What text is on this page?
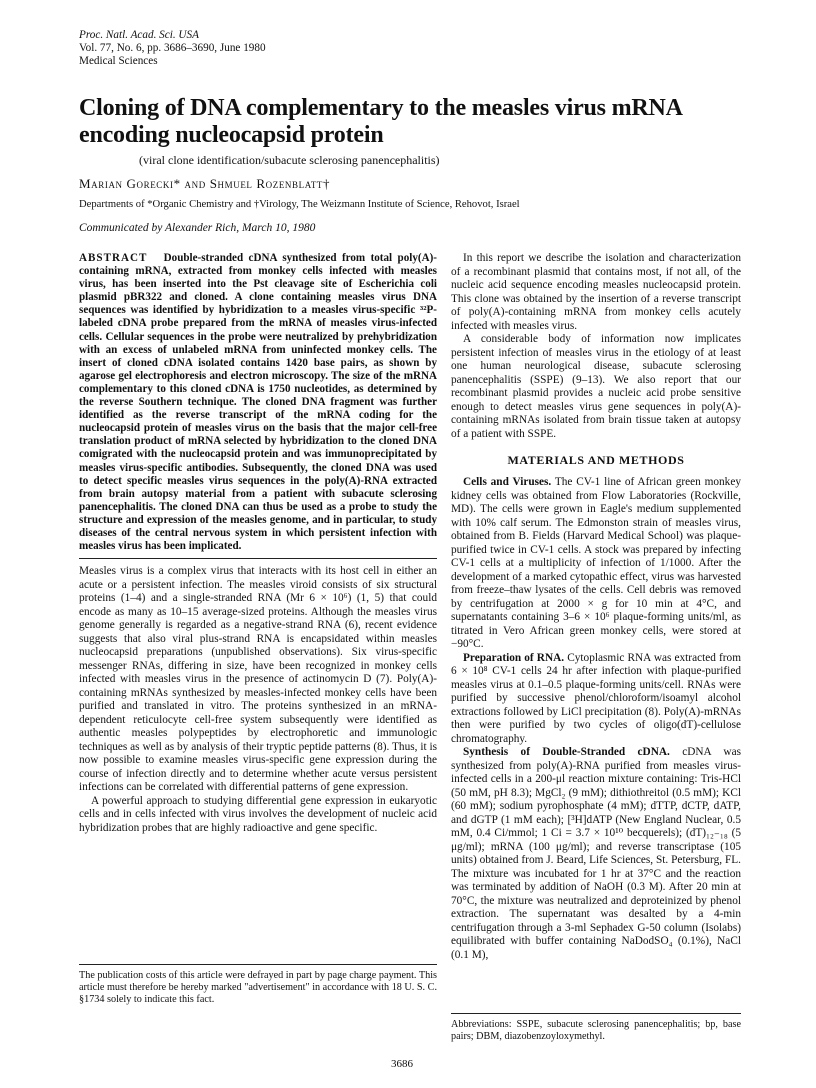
Proc. Natl. Acad. Sci. USA
Vol. 77, No. 6, pp. 3686–3690, June 1980
Medical Sciences
Cloning of DNA complementary to the measles virus mRNA encoding nucleocapsid protein
(viral clone identification/subacute sclerosing panencephalitis)
Marian Gorecki* and Shmuel Rozenblatt†
Departments of *Organic Chemistry and †Virology, The Weizmann Institute of Science, Rehovot, Israel
Communicated by Alexander Rich, March 10, 1980
ABSTRACT Double-stranded cDNA synthesized from total poly(A)-containing mRNA, extracted from monkey cells infected with measles virus, has been inserted into the Pst cleavage site of Escherichia coli plasmid pBR322 and cloned. A clone containing measles virus DNA sequences was identified by hybridization to a measles virus-specific ³²P-labeled cDNA probe prepared from the mRNA of measles virus-infected cells. Cellular sequences in the probe were neutralized by prehybridization with an excess of unlabeled mRNA from uninfected monkey cells. The insert of cloned cDNA isolated contains 1420 base pairs, as shown by agarose gel electrophoresis and electron microscopy. The size of the mRNA complementary to this cloned cDNA is 1750 nucleotides, as determined by the reverse Southern technique. The cloned DNA fragment was further identified as the reverse transcript of the mRNA coding for the nucleocapsid protein of measles virus on the basis that the major cell-free translation product of mRNA selected by hybridization to the cloned DNA comigrated with the nucleocapsid protein and was immunoprecipitated by measles virus-specific antibodies. Subsequently, the cloned DNA was used to detect specific measles virus sequences in the poly(A)-RNA extracted from brain autopsy material from a patient with subacute sclerosing panencephalitis. The cloned DNA can thus be used as a probe to study the structure and expression of the measles genome, and in particular, to study diseases of the central nervous system in which persistent infection with measles virus has been implicated.

Measles virus is a complex virus that interacts with its host cell in either an acute or a persistent infection. The measles viroid consists of six structural proteins (1–4) and a single-stranded RNA (Mr 6 × 10⁶) (1, 5) that could encode as many as 10–15 average-sized proteins. Although the measles virus genome generally is regarded as a negative-strand RNA (6), recent evidence suggests that also viral plus-strand RNA is encapsidated within measles nucleocapsid preparations (unpublished observations). Six virus-specific messenger RNAs, differing in size, have been recognized in monkey cells infected with measles virus in the presence of actinomycin D (7). Poly(A)-containing mRNAs synthesized by measles-infected monkey cells have been purified and translated in vitro. The proteins synthesized in an mRNA-dependent reticulocyte cell-free system subsequently were identified as authentic measles polypeptides by electrophoretic and immunologic techniques as well as by analysis of their tryptic peptide patterns (8). Thus, it is now possible to examine measles virus-specific gene expression during the course of infection directly and to determine whether acute versus persistent infections can be correlated with differential patterns of gene expression.

A powerful approach to studying differential gene expression in eukaryotic cells and in cells infected with virus involves the development of nucleic acid hybridization probes that are highly radioactive and gene specific.

The publication costs of this article were defrayed in part by page charge payment. This article must therefore be hereby marked "advertisement" in accordance with 18 U. S. C. §1734 solely to indicate this fact.

In this report we describe the isolation and characterization of a recombinant plasmid that contains most, if not all, of the nucleic acid sequence encoding measles nucleocapsid protein. This clone was obtained by the insertion of a reverse transcript of poly(A)-containing mRNA from monkey cells acutely infected with measles virus.

A considerable body of information now implicates persistent infection of measles virus in the etiology of at least one human neurological disease, subacute sclerosing panencephalitis (SSPE) (9–13). We also report that our recombinant plasmid provides a nucleic acid probe sensitive enough to detect measles virus gene sequences in poly(A)-containing mRNAs isolated from brain tissue taken at autopsy of a patient with SSPE.

MATERIALS AND METHODS

Cells and Viruses. The CV-1 line of African green monkey kidney cells was obtained from Flow Laboratories (Rockville, MD). The cells were grown in Eagle's medium supplemented with 10% calf serum. The Edmonston strain of measles virus, obtained from B. Fields (Harvard Medical School) was plaque-purified twice in CV-1 cells. A stock was prepared by infecting CV-1 cells at a multiplicity of infection of 1/1000. After the development of a marked cytopathic effect, virus was harvested from freeze–thaw lysates of the cells. Cell debris was removed by centrifugation at 2000 × g for 10 min at 4°C, and supernatants containing 3–6 × 10⁶ plaque-forming units/ml, as titrated in Vero African green monkey cells, were stored at −90°C.

Preparation of RNA. Cytoplasmic RNA was extracted from 6 × 10⁸ CV-1 cells 24 hr after infection with plaque-purified measles virus at 0.1–0.5 plaque-forming units/cell. RNAs were purified by successive phenol/chloroform/isoamyl alcohol extractions followed by LiCl precipitation (8). Poly(A)-mRNAs then were purified by two cycles of oligo(dT)-cellulose chromatography.

Synthesis of Double-Stranded cDNA. cDNA was synthesized from poly(A)-RNA purified from measles virus-infected cells in a 200-μl reaction mixture containing: Tris-HCl (50 mM, pH 8.3); MgCl₂ (9 mM); dithiothreitol (0.5 mM); KCl (60 mM); sodium pyrophosphate (4 mM); dTTP, dCTP, dATP, and dGTP (1 mM each); [³H]dATP (New England Nuclear, 0.5 mM, 0.4 Ci/mmol; 1 Ci = 3.7 × 10¹⁰ becquerels); (dT)₁₂₋₁₈ (5 μg/ml); mRNA (100 μg/ml); and reverse transcriptase (105 units) obtained from J. Beard, Life Sciences, St. Petersburg, FL. The mixture was incubated for 1 hr at 37°C and the reaction was terminated by addition of NaOH (0.3 M). After 20 min at 70°C, the mixture was neutralized and deproteinized by phenol extraction. The supernatant was desalted by a 4-min centrifugation through a 3-ml Sephadex G-50 column (Isolabs) equilibrated with buffer containing NaDodSO₄ (0.1%), NaCl (0.1 M),

Abbreviations: SSPE, subacute sclerosing panencephalitis; bp, base pairs; DBM, diazobenzoyloxymethyl.
3686
